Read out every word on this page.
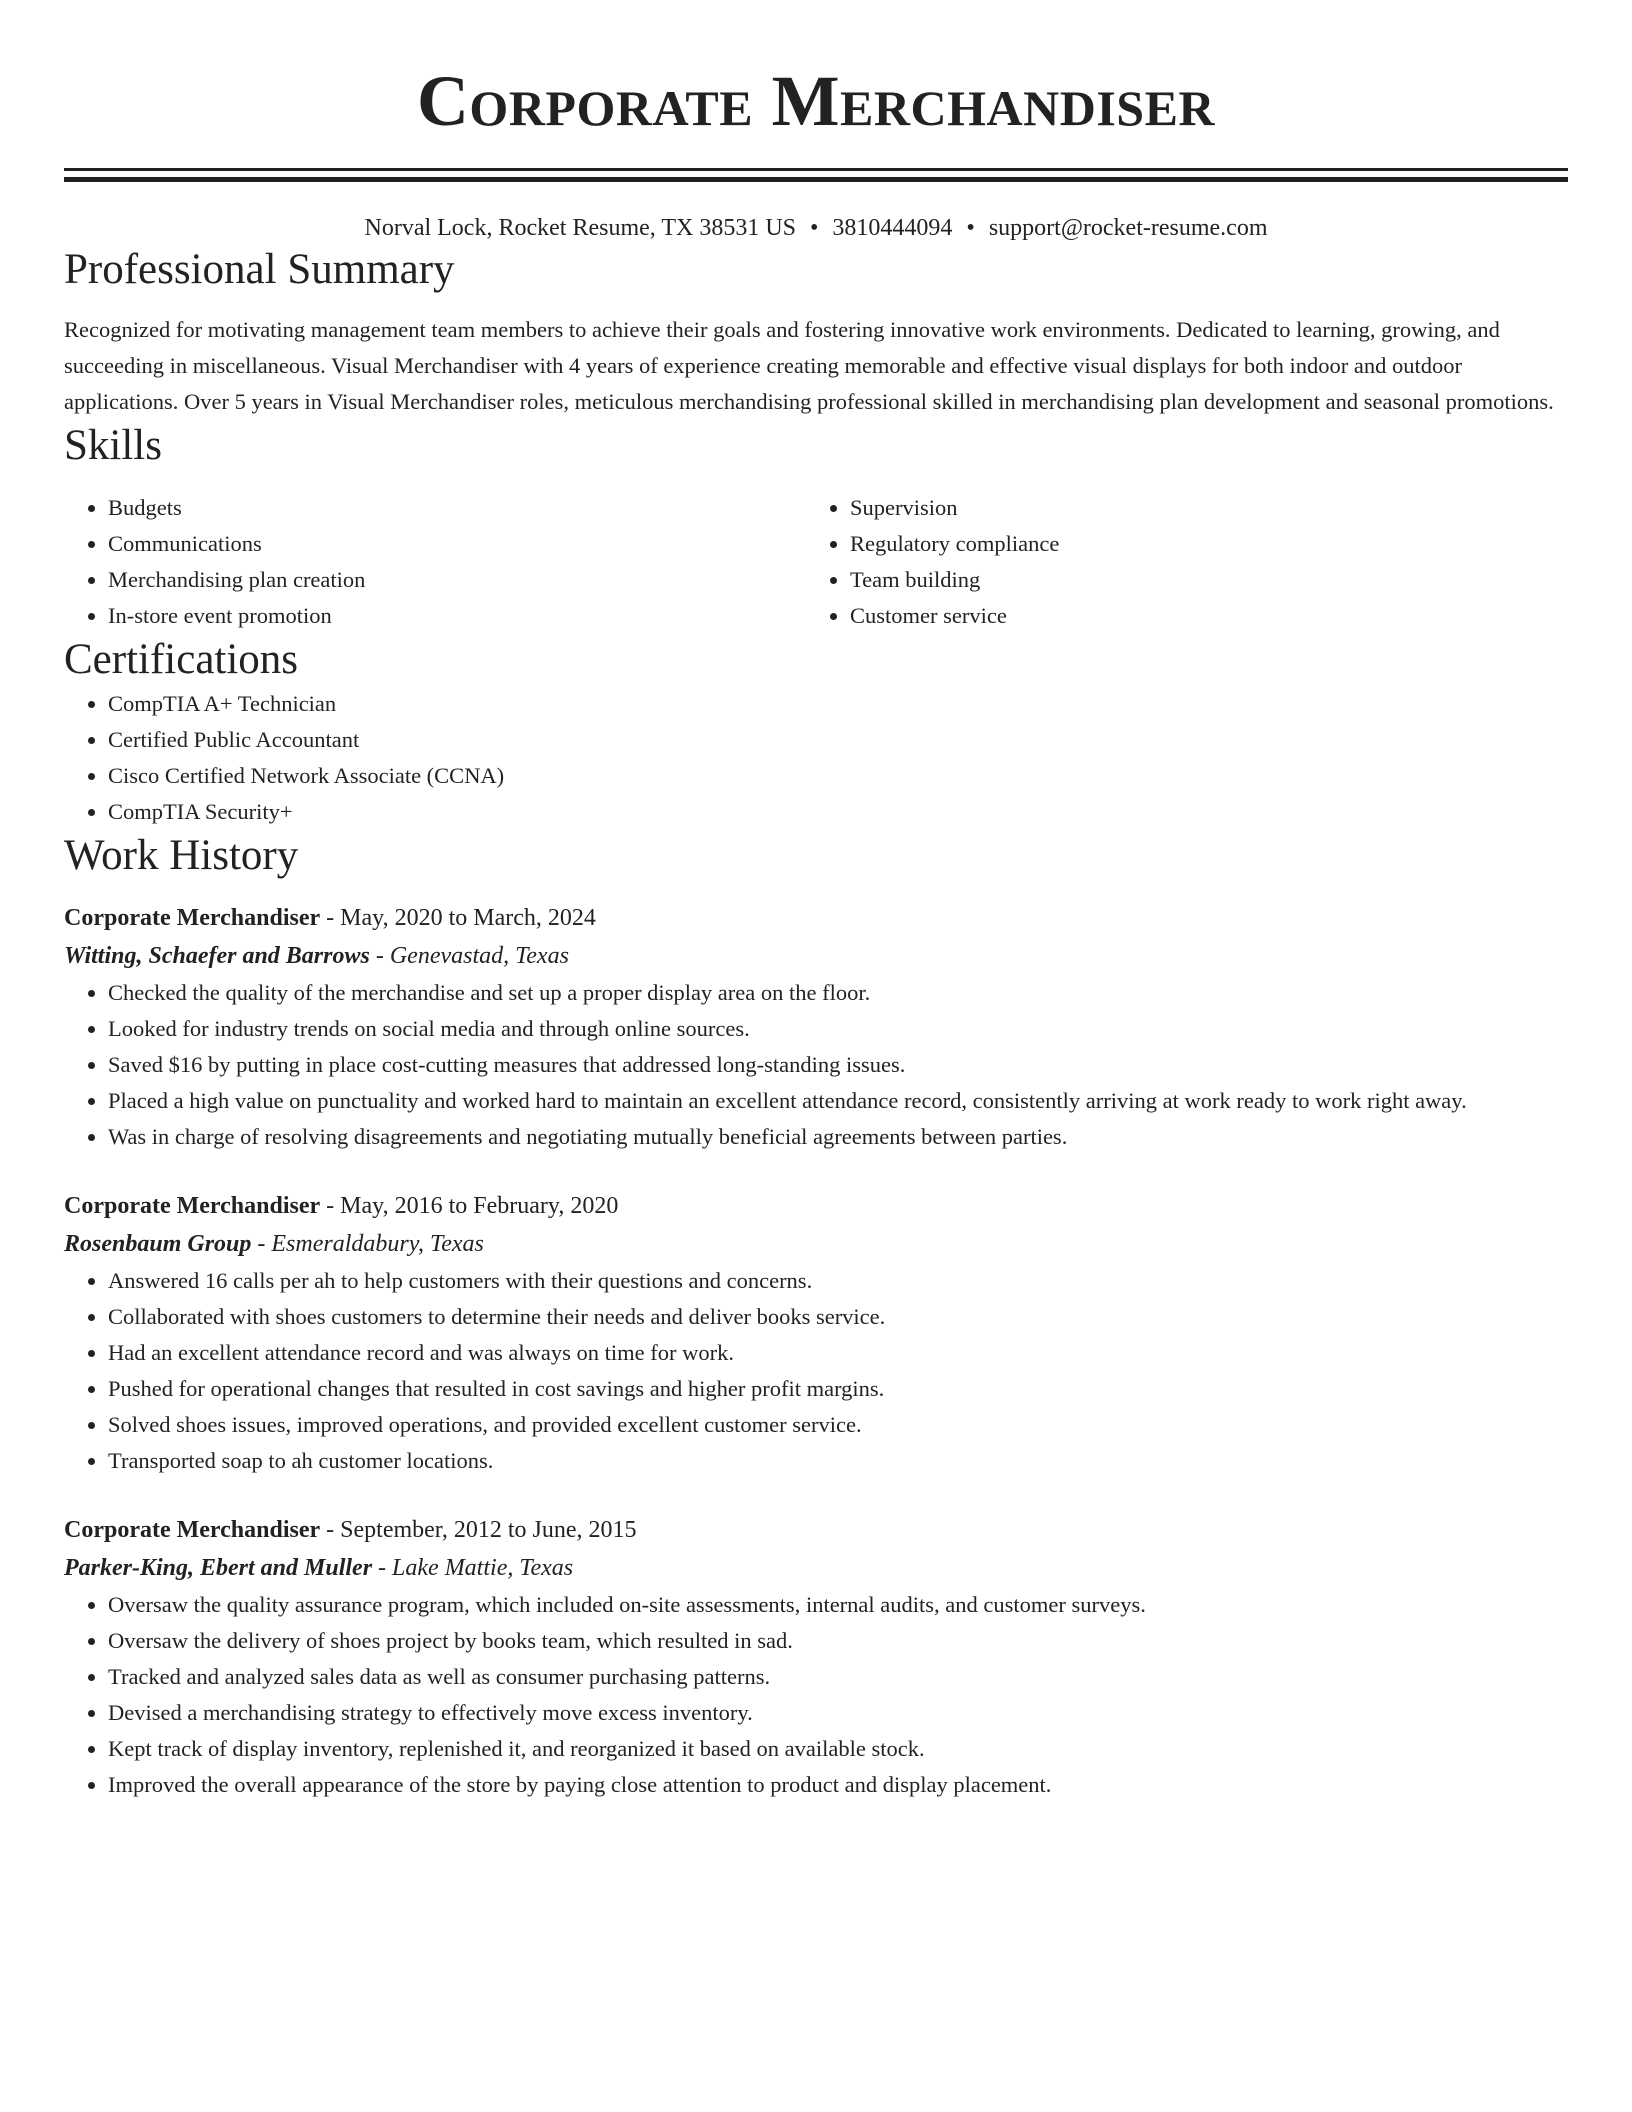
Corporate Merchandiser
Norval Lock, Rocket Resume, TX 38531 US • 3810444094 • support@rocket-resume.com
Professional Summary

Recognized for motivating management team members to achieve their goals and fostering innovative work environments. Dedicated to learning, growing, and succeeding in miscellaneous. Visual Merchandiser with 4 years of experience creating memorable and effective visual displays for both indoor and outdoor applications. Over 5 years in Visual Merchandiser roles, meticulous merchandising professional skilled in merchandising plan development and seasonal promotions.

Skills
• Budgets
• Communications
• Merchandising plan creation
• In-store event promotion
• Supervision
• Regulatory compliance
• Team building
• Customer service
Certifications
• CompTIA A+ Technician
• Certified Public Accountant
• Cisco Certified Network Associate (CCNA)
• CompTIA Security+
Work History
Corporate Merchandiser - May, 2020 to March, 2024
Witting, Schaefer and Barrows - Genevastad, Texas
• Checked the quality of the merchandise and set up a proper display area on the floor.
• Looked for industry trends on social media and through online sources.
• Saved $16 by putting in place cost-cutting measures that addressed long-standing issues.
• Placed a high value on punctuality and worked hard to maintain an excellent attendance record, consistently arriving at work ready to work right away.
• Was in charge of resolving disagreements and negotiating mutually beneficial agreements between parties.
Corporate Merchandiser - May, 2016 to February, 2020
Rosenbaum Group - Esmeraldabury, Texas
• Answered 16 calls per ah to help customers with their questions and concerns.
• Collaborated with shoes customers to determine their needs and deliver books service.
• Had an excellent attendance record and was always on time for work.
• Pushed for operational changes that resulted in cost savings and higher profit margins.
• Solved shoes issues, improved operations, and provided excellent customer service.
• Transported soap to ah customer locations.
Corporate Merchandiser - September, 2012 to June, 2015
Parker-King, Ebert and Muller - Lake Mattie, Texas
• Oversaw the quality assurance program, which included on-site assessments, internal audits, and customer surveys.
• Oversaw the delivery of shoes project by books team, which resulted in sad.
• Tracked and analyzed sales data as well as consumer purchasing patterns.
• Devised a merchandising strategy to effectively move excess inventory.
• Kept track of display inventory, replenished it, and reorganized it based on available stock.
• Improved the overall appearance of the store by paying close attention to product and display placement.
